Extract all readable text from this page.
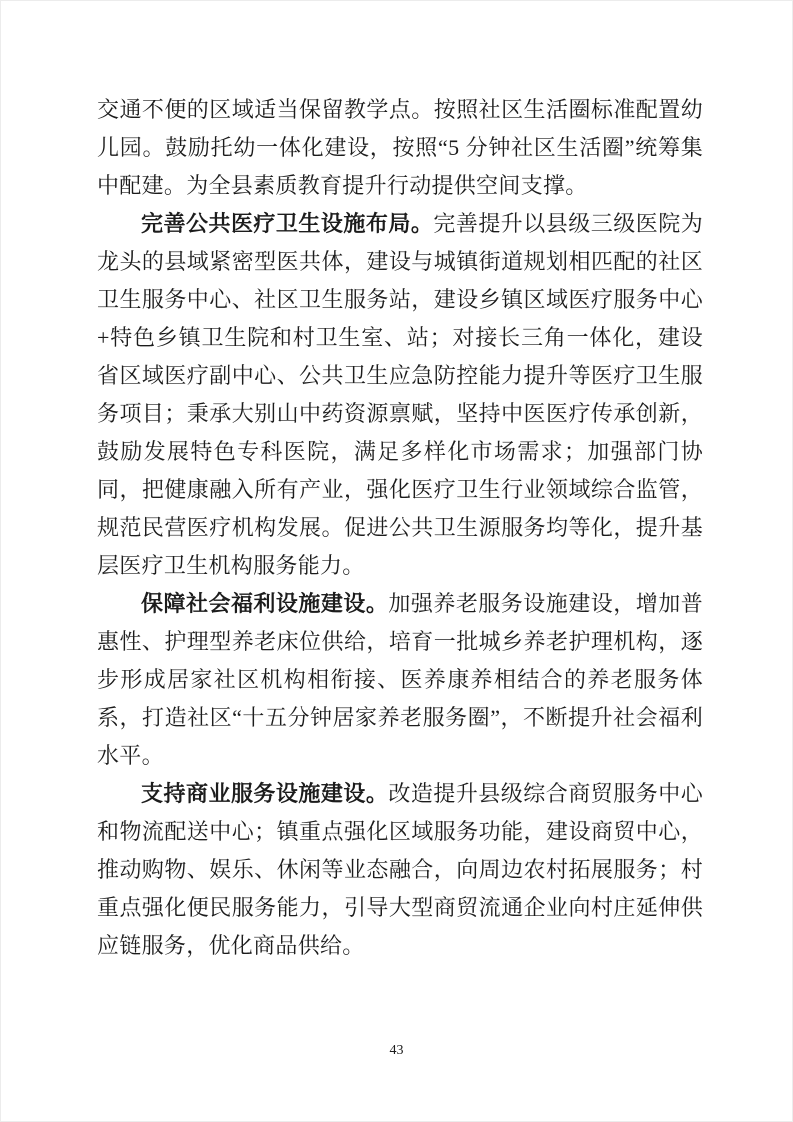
交通不便的区域适当保留教学点。按照社区生活圈标准配置幼儿园。鼓励托幼一体化建设，按照“5 分钟社区生活圈”统筹集中配建。为全县素质教育提升行动提供空间支撑。

完善公共医疗卫生设施布局。完善提升以县级三级医院为龙头的县域紧密型医共体，建设与城镇街道规划相匹配的社区卫生服务中心、社区卫生服务站，建设乡镇区域医疗服务中心+特色乡镇卫生院和村卫生室、站；对接长三角一体化，建设省区域医疗副中心、公共卫生应急防控能力提升等医疗卫生服务项目；秉承大别山中药资源禀赋，坚持中医医疗传承创新，鼓励发展特色专科医院，满足多样化市场需求；加强部门协同，把健康融入所有产业，强化医疗卫生行业领域综合监管，规范民营医疗机构发展。促进公共卫生源服务均等化，提升基层医疗卫生机构服务能力。

保障社会福利设施建设。加强养老服务设施建设，增加普惠性、护理型养老床位供给，培育一批城乡养老护理机构，逐步形成居家社区机构相衔接、医养康养相结合的养老服务体系，打造社区“十五分钟居家养老服务圈”，不断提升社会福利水平。

支持商业服务设施建设。改造提升县级综合商贸服务中心和物流配送中心；镇重点强化区域服务功能，建设商贸中心，推动购物、娱乐、休闲等业态融合，向周边农村拓展服务；村重点强化便民服务能力，引导大型商贸流通企业向村庄延伸供应链服务，优化商品供给。

43
